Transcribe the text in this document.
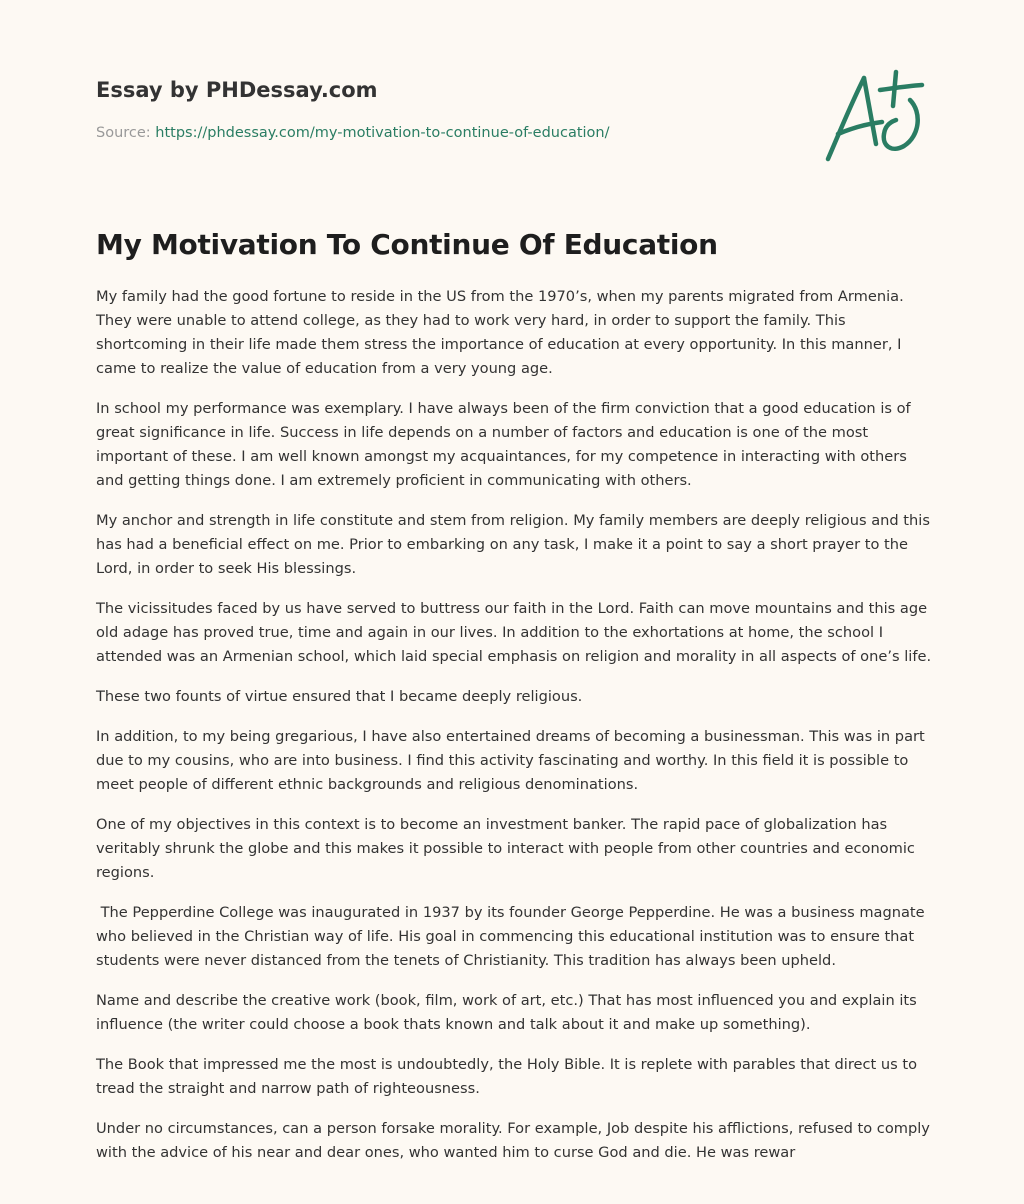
Essay by PHDessay.com
Source: https://phdessay.com/my-motivation-to-continue-of-education/
My Motivation To Continue Of Education

My family had the good fortune to reside in the US from the 1970’s, when my parents migrated from Armenia. They were unable to attend college, as they had to work very hard, in order to support the family. This shortcoming in their life made them stress the importance of education at every opportunity. In this manner, I came to realize the value of education from a very young age.

In school my performance was exemplary. I have always been of the firm conviction that a good education is of great significance in life. Success in life depends on a number of factors and education is one of the most important of these. I am well known amongst my acquaintances, for my competence in interacting with others and getting things done. I am extremely proficient in communicating with others.

My anchor and strength in life constitute and stem from religion. My family members are deeply religious and this has had a beneficial effect on me. Prior to embarking on any task, I make it a point to say a short prayer to the Lord, in order to seek His blessings.

The vicissitudes faced by us have served to buttress our faith in the Lord. Faith can move mountains and this age old adage has proved true, time and again in our lives. In addition to the exhortations at home, the school I attended was an Armenian school, which laid special emphasis on religion and morality in all aspects of one’s life.

These two founts of virtue ensured that I became deeply religious.

In addition, to my being gregarious, I have also entertained dreams of becoming a businessman. This was in part due to my cousins, who are into business. I find this activity fascinating and worthy. In this field it is possible to meet people of different ethnic backgrounds and religious denominations.

One of my objectives in this context is to become an investment banker. The rapid pace of globalization has veritably shrunk the globe and this makes it possible to interact with people from other countries and economic regions.

The Pepperdine College was inaugurated in 1937 by its founder George Pepperdine. He was a business magnate who believed in the Christian way of life. His goal in commencing this educational institution was to ensure that students were never distanced from the tenets of Christianity. This tradition has always been upheld.

Name and describe the creative work (book, film, work of art, etc.) That has most influenced you and explain its influence (the writer could choose a book thats known and talk about it and make up something).

The Book that impressed me the most is undoubtedly, the Holy Bible. It is replete with parables that direct us to tread the straight and narrow path of righteousness.

Under no circumstances, can a person forsake morality. For example, Job despite his afflictions, refused to comply with the advice of his near and dear ones, who wanted him to curse God and die. He was rewar
